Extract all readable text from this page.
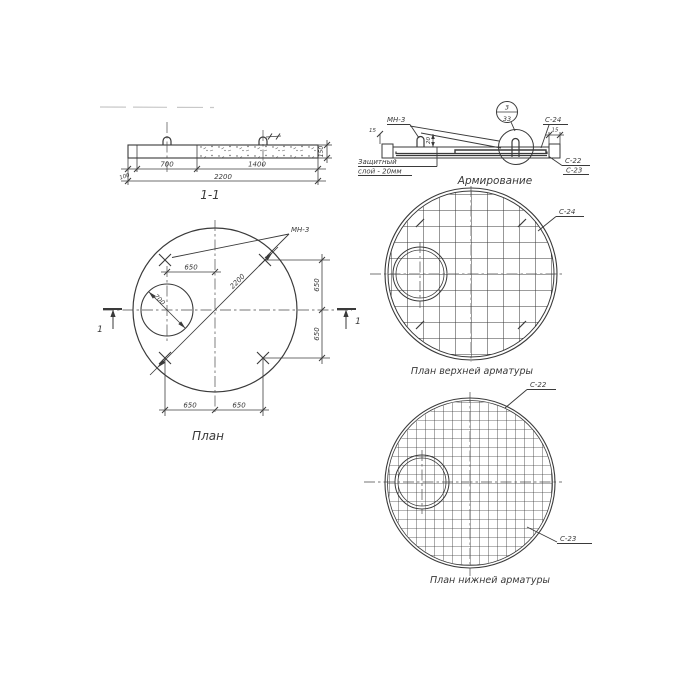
100
700	1400
2200
150
1-1
МН-3
3
33
15	15
20
С-24
С-22
С-23
Защитный
слой - 20мм
Армирование
2200
700
МН-3
650
650
650
650	650
1
1
План
С-24
План верхней арматуры
С-22
С-23
План нижней арматуры
